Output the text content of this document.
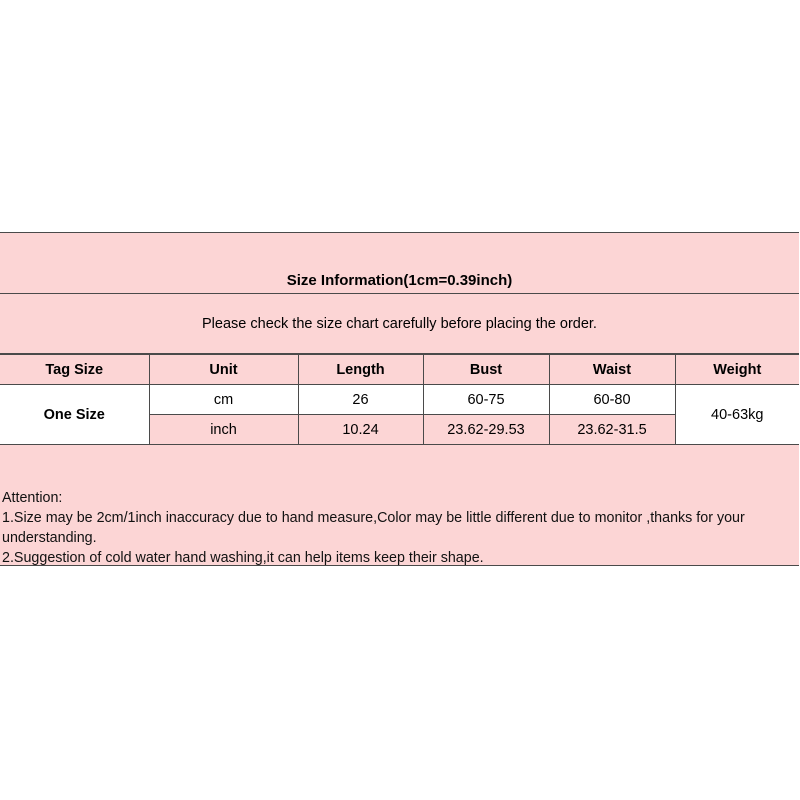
Size Information(1cm=0.39inch)
Please check the size chart carefully before placing the order.
Tag Size	Unit	Length	Bust	Waist	Weight
One Size	cm	26	60-75	60-80	40-63kg
	inch	10.24	23.62-29.53	23.62-31.5	
Attention:
1.Size may be 2cm/1inch inaccuracy due to hand measure,Color may be little different due to monitor ,thanks for your understanding.
2.Suggestion of cold water hand washing,it can help items keep their shape.
